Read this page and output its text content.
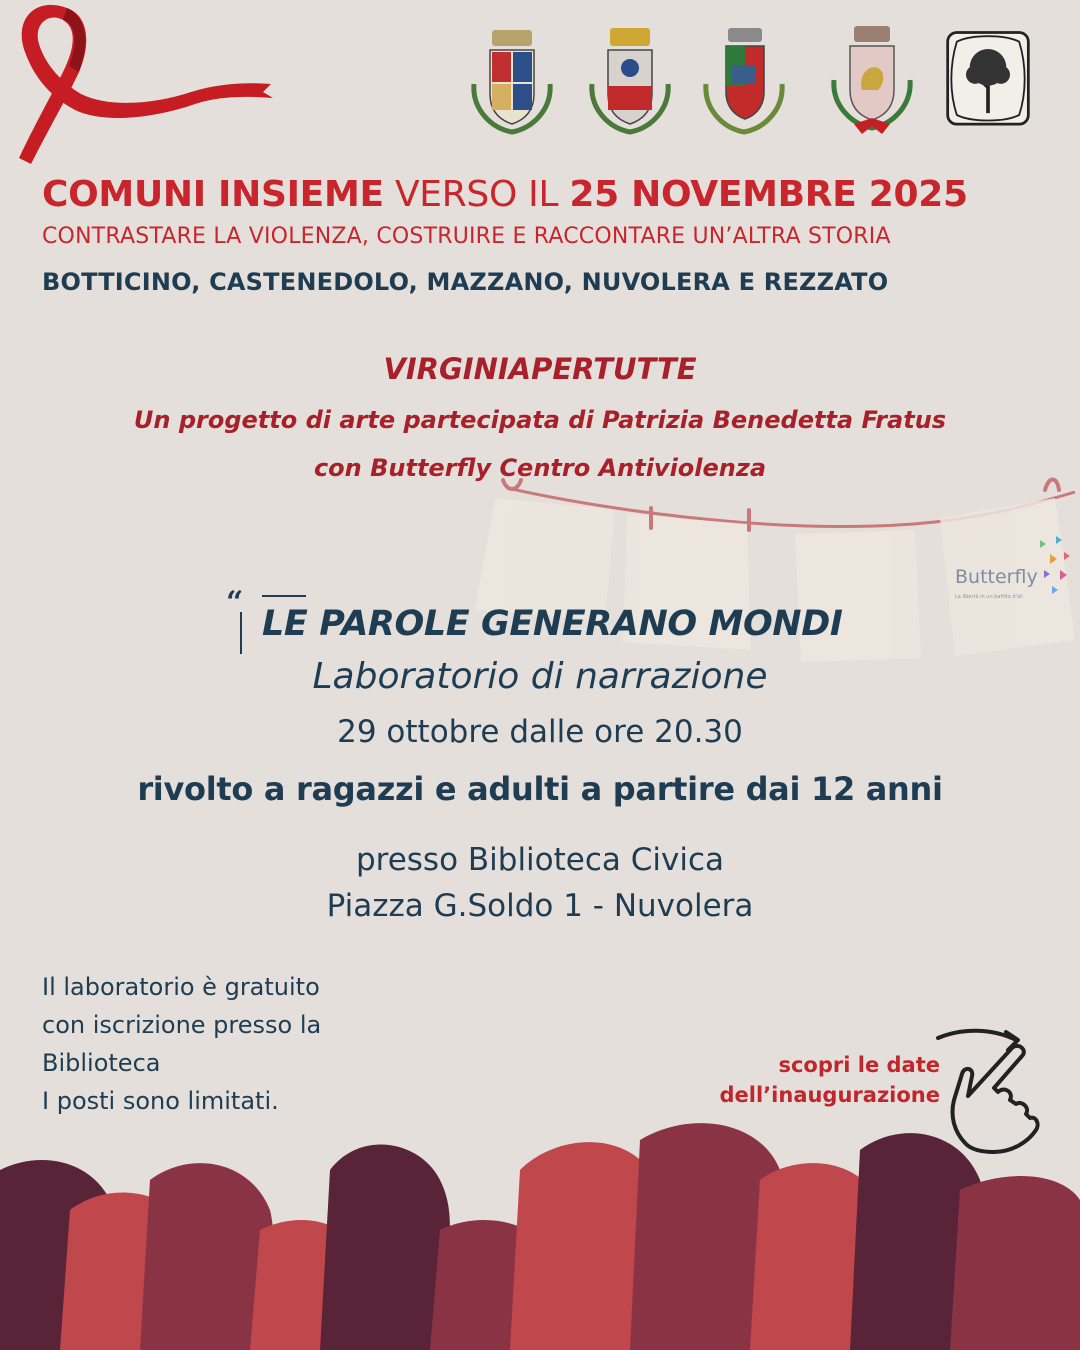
COMUNI INSIEME VERSO IL 25 NOVEMBRE 2025
CONTRASTARE LA VIOLENZA, COSTRUIRE E RACCONTARE UN’ALTRA STORIA
BOTTICINO, CASTENEDOLO, MAZZANO, NUVOLERA E REZZATO
VIRGINIAPERTUTTE
Un progetto di arte partecipata di Patrizia Benedetta Fratus
con Butterfly Centro Antiviolenza
Butterfly
La libertà in un battito d'ali
“
LE PAROLE GENERANO MONDI
Laboratorio di narrazione
29 ottobre dalle ore 20.30
rivolto a ragazzi e adulti a partire dai 12 anni
presso Biblioteca Civica
Piazza G.Soldo 1 - Nuvolera
Il laboratorio è gratuito
con iscrizione presso la
Biblioteca
I posti sono limitati.
scopri le date
dell’inaugurazione
